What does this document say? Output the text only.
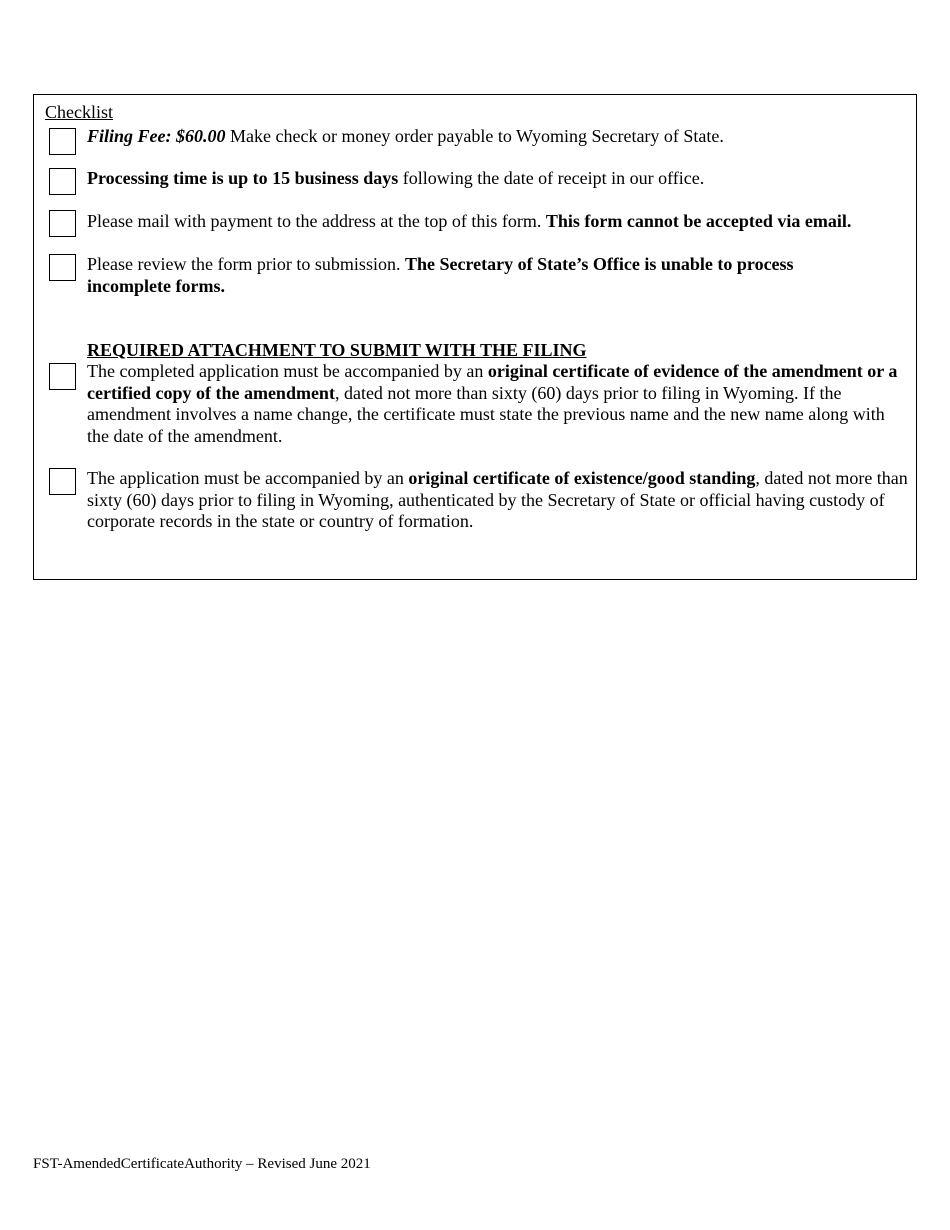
Checklist
Filing Fee: $60.00 Make check or money order payable to Wyoming Secretary of State.
Processing time is up to 15 business days following the date of receipt in our office.
Please mail with payment to the address at the top of this form. This form cannot be accepted via email.
Please review the form prior to submission. The Secretary of State’s Office is unable to process incomplete forms.
REQUIRED ATTACHMENT TO SUBMIT WITH THE FILING
The completed application must be accompanied by an original certificate of evidence of the amendment or a certified copy of the amendment, dated not more than sixty (60) days prior to filing in Wyoming. If the amendment involves a name change, the certificate must state the previous name and the new name along with the date of the amendment.
The application must be accompanied by an original certificate of existence/good standing, dated not more than sixty (60) days prior to filing in Wyoming, authenticated by the Secretary of State or official having custody of corporate records in the state or country of formation.
FST-AmendedCertificateAuthority – Revised June 2021
